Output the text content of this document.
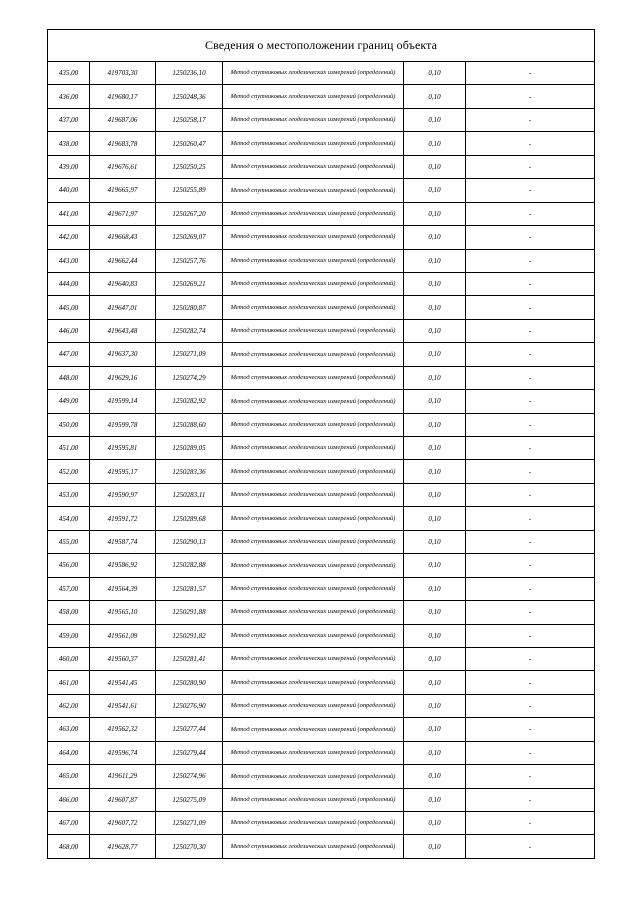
Сведения о местоположении границ объекта					
435,00	419703,30	1250236,10	Метод спутниковых геодезических измерений (определений)	0,10	-
436,00	419680,17	1250248,36	Метод спутниковых геодезических измерений (определений)	0,10	-
437,00	419687,06	1250258,17	Метод спутниковых геодезических измерений (определений)	0,10	-
438,00	419683,78	1250260,47	Метод спутниковых геодезических измерений (определений)	0,10	-
439,00	419676,61	1250250,25	Метод спутниковых геодезических измерений (определений)	0,10	-
440,00	419665,97	1250255,89	Метод спутниковых геодезических измерений (определений)	0,10	-
441,00	419671,97	1250267,20	Метод спутниковых геодезических измерений (определений)	0,10	-
442,00	419668,43	1250269,07	Метод спутниковых геодезических измерений (определений)	0,10	-
443,00	419662,44	1250257,76	Метод спутниковых геодезических измерений (определений)	0,10	-
444,00	419640,83	1250269,21	Метод спутниковых геодезических измерений (определений)	0,10	-
445,00	419647,01	1250280,87	Метод спутниковых геодезических измерений (определений)	0,10	-
446,00	419643,48	1250282,74	Метод спутниковых геодезических измерений (определений)	0,10	-
447,00	419637,30	1250271,09	Метод спутниковых геодезических измерений (определений)	0,10	-
448,00	419629,16	1250274,29	Метод спутниковых геодезических измерений (определений)	0,10	-
449,00	419599,14	1250282,92	Метод спутниковых геодезических измерений (определений)	0,10	-
450,00	419599,78	1250288,60	Метод спутниковых геодезических измерений (определений)	0,10	-
451,00	419595,81	1250289,05	Метод спутниковых геодезических измерений (определений)	0,10	-
452,00	419595,17	1250283,36	Метод спутниковых геодезических измерений (определений)	0,10	-
453,00	419590,97	1250283,11	Метод спутниковых геодезических измерений (определений)	0,10	-
454,00	419591,72	1250289,68	Метод спутниковых геодезических измерений (определений)	0,10	-
455,00	419587,74	1250290,13	Метод спутниковых геодезических измерений (определений)	0,10	-
456,00	419586,92	1250282,88	Метод спутниковых геодезических измерений (определений)	0,10	-
457,00	419564,39	1250281,57	Метод спутниковых геодезических измерений (определений)	0,10	-
458,00	419565,10	1250291,88	Метод спутниковых геодезических измерений (определений)	0,10	-
459,00	419561,09	1250291,82	Метод спутниковых геодезических измерений (определений)	0,10	-
460,00	419560,37	1250281,41	Метод спутниковых геодезических измерений (определений)	0,10	-
461,00	419541,45	1250280,90	Метод спутниковых геодезических измерений (определений)	0,10	-
462,00	419541,61	1250276,90	Метод спутниковых геодезических измерений (определений)	0,10	-
463,00	419562,32	1250277,44	Метод спутниковых геодезических измерений (определений)	0,10	-
464,00	419596,74	1250279,44	Метод спутниковых геодезических измерений (определений)	0,10	-
465,00	419611,29	1250274,96	Метод спутниковых геодезических измерений (определений)	0,10	-
466,00	419607,87	1250275,09	Метод спутниковых геодезических измерений (определений)	0,10	-
467,00	419607,72	1250271,09	Метод спутниковых геодезических измерений (определений)	0,10	-
468,00	419628,77	1250270,30	Метод спутниковых геодезических измерений (определений)	0,10	-
